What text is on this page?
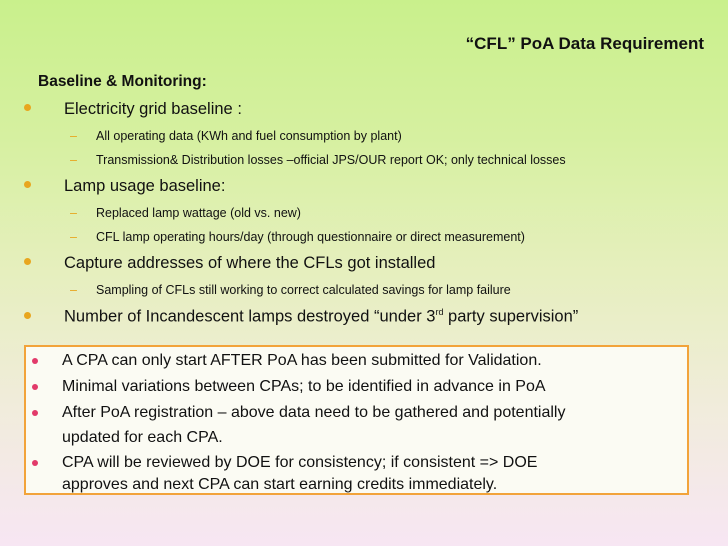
“CFL” PoA Data Requirement
Baseline & Monitoring:
Electricity grid baseline :
– All operating data (KWh and fuel consumption by plant)
– Transmission& Distribution losses –official JPS/OUR report OK; only technical losses
Lamp usage baseline:
– Replaced lamp wattage (old vs. new)
– CFL lamp operating hours/day (through questionnaire or direct measurement)
Capture addresses of where the CFLs got installed
– Sampling of CFLs still working to correct calculated savings for lamp failure
Number of Incandescent lamps destroyed “under 3rd party supervision”
A CPA can only start AFTER PoA has been submitted for Validation.
Minimal variations between CPAs; to be identified in advance in PoA
After PoA registration – above data need to be gathered and potentially
updated for each CPA.
CPA will be reviewed by DOE for consistency; if consistent => DOE
approves and next CPA can start earning credits immediately.
